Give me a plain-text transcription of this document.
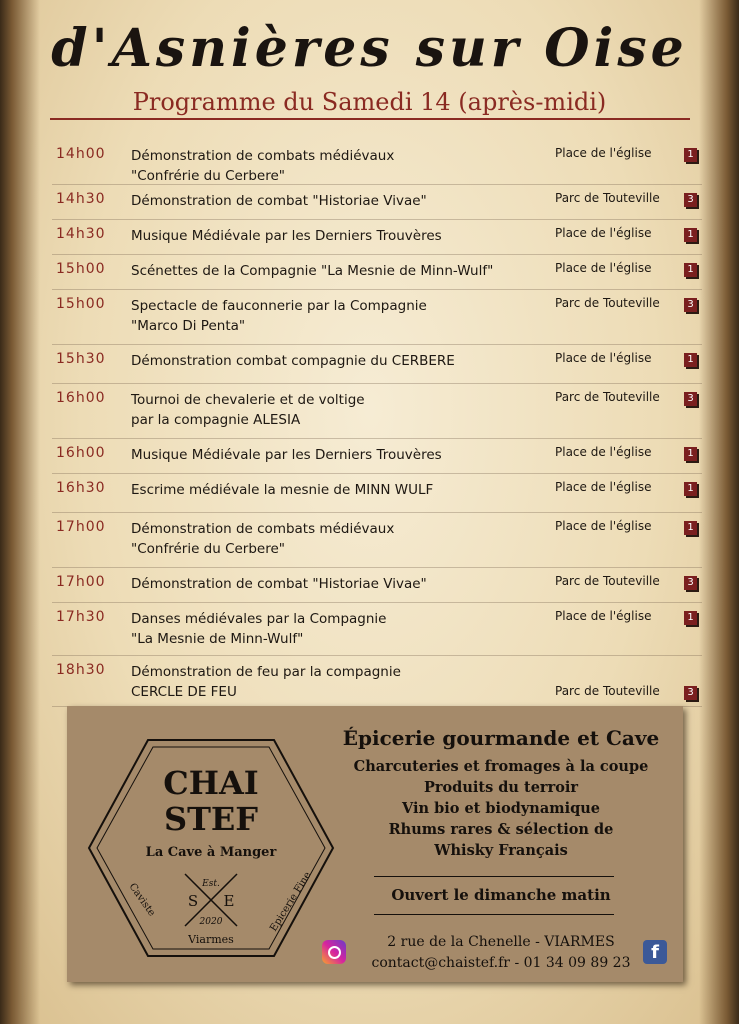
d'Asnières sur Oise
Programme du Samedi 14 (après-midi)
14h00 Démonstration de combats médiévaux
"Confrérie du Cerbere"
Place de l'église	1
14h30 Démonstration de combat "Historiae Vivae"	Parc de Touteville	3
14h30 Musique Médiévale par les Derniers Trouvères	Place de l'église	1
15h00 Scénettes de la Compagnie "La Mesnie de Minn-Wulf"	Place de l'église	1
15h00 Spectacle de fauconnerie par la Compagnie
"Marco Di Penta"
Parc de Touteville	3
15h30 Démonstration combat compagnie du CERBERE	Place de l'église	1
16h00 Tournoi de chevalerie et de voltige
par la compagnie ALESIA
Parc de Touteville	3
16h00 Musique Médiévale par les Derniers Trouvères	Place de l'église	1
16h30 Escrime médiévale la mesnie de MINN WULF	Place de l'église	1
17h00 Démonstration de combats médiévaux
"Confrérie du Cerbere"
Place de l'église	1
17h00 Démonstration de combat "Historiae Vivae"	Parc de Touteville	3
17h30 Danses médiévales par la Compagnie
"La Mesnie de Minn-Wulf"
Place de l'église	1
18h30 Démonstration de feu par la compagnie
CERCLE DE FEU	Parc de Touteville	3
CHAI
STEF
La Cave à Manger
Caviste	Epicerie Fine
Est.
S E
2020
Viarmes
Épicerie gourmande et Cave
Charcuteries et fromages à la coupe
Produits du terroir
Vin bio et biodynamique
Rhums rares & sélection de
Whisky Français
Ouvert le dimanche matin
2 rue de la Chenelle - VIARMES
contact@chaistef.fr - 01 34 09 89 23	f
